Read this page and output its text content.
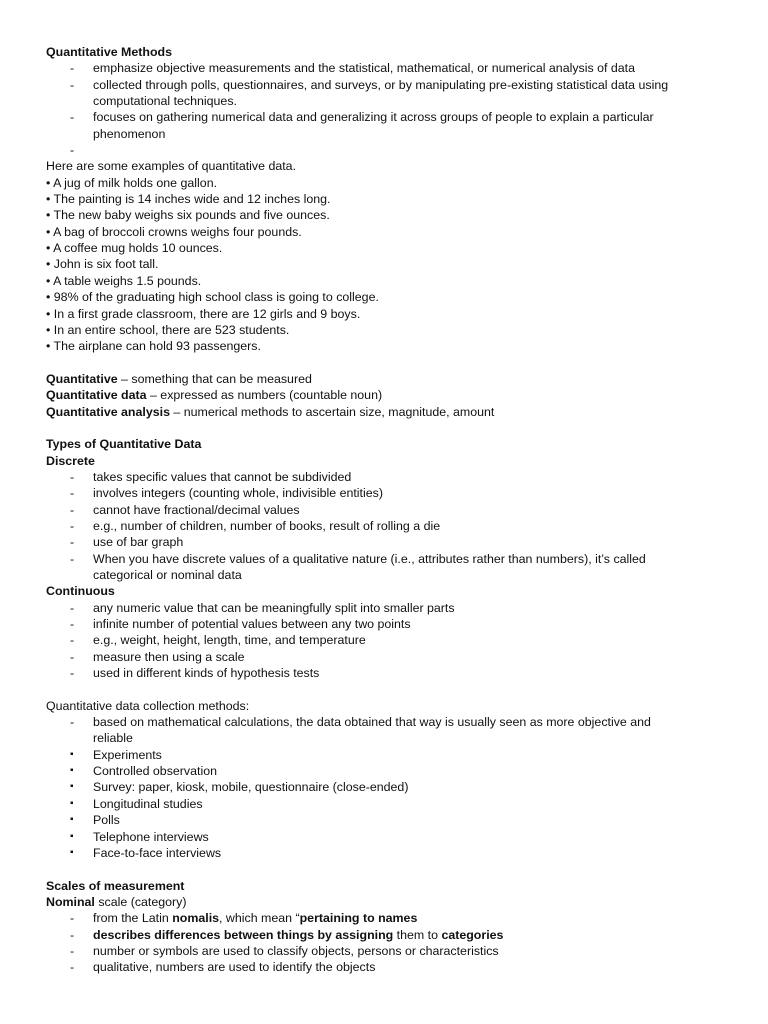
Quantitative Methods
- emphasize objective measurements and the statistical, mathematical, or numerical analysis of data
- collected through polls, questionnaires, and surveys, or by manipulating pre-existing statistical data using
computational techniques.
- focuses on gathering numerical data and generalizing it across groups of people to explain a particular
phenomenon
-
Here are some examples of quantitative data.
• A jug of milk holds one gallon.
• The painting is 14 inches wide and 12 inches long.
• The new baby weighs six pounds and five ounces.
• A bag of broccoli crowns weighs four pounds.
• A coffee mug holds 10 ounces.
• John is six foot tall.
• A table weighs 1.5 pounds.
• 98% of the graduating high school class is going to college.
• In a first grade classroom, there are 12 girls and 9 boys.
• In an entire school, there are 523 students.
• The airplane can hold 93 passengers.
Quantitative – something that can be measured
Quantitative data – expressed as numbers (countable noun)
Quantitative analysis – numerical methods to ascertain size, magnitude, amount
Types of Quantitative Data
Discrete
- takes specific values that cannot be subdivided
- involves integers (counting whole, indivisible entities)
- cannot have fractional/decimal values
- e.g., number of children, number of books, result of rolling a die
- use of bar graph
- When you have discrete values of a qualitative nature (i.e., attributes rather than numbers), it’s called
categorical or nominal data
Continuous
- any numeric value that can be meaningfully split into smaller parts
- infinite number of potential values between any two points
- e.g., weight, height, length, time, and temperature
- measure then using a scale
- used in different kinds of hypothesis tests
Quantitative data collection methods:
- based on mathematical calculations, the data obtained that way is usually seen as more objective and
reliable
▪ Experiments
▪ Controlled observation
▪ Survey: paper, kiosk, mobile, questionnaire (close-ended)
▪ Longitudinal studies
▪ Polls
▪ Telephone interviews
▪ Face-to-face interviews
Scales of measurement
Nominal scale (category)
- from the Latin nomalis, which mean “pertaining to names
- describes differences between things by assigning them to categories
- number or symbols are used to classify objects, persons or characteristics
- qualitative, numbers are used to identify the objects
